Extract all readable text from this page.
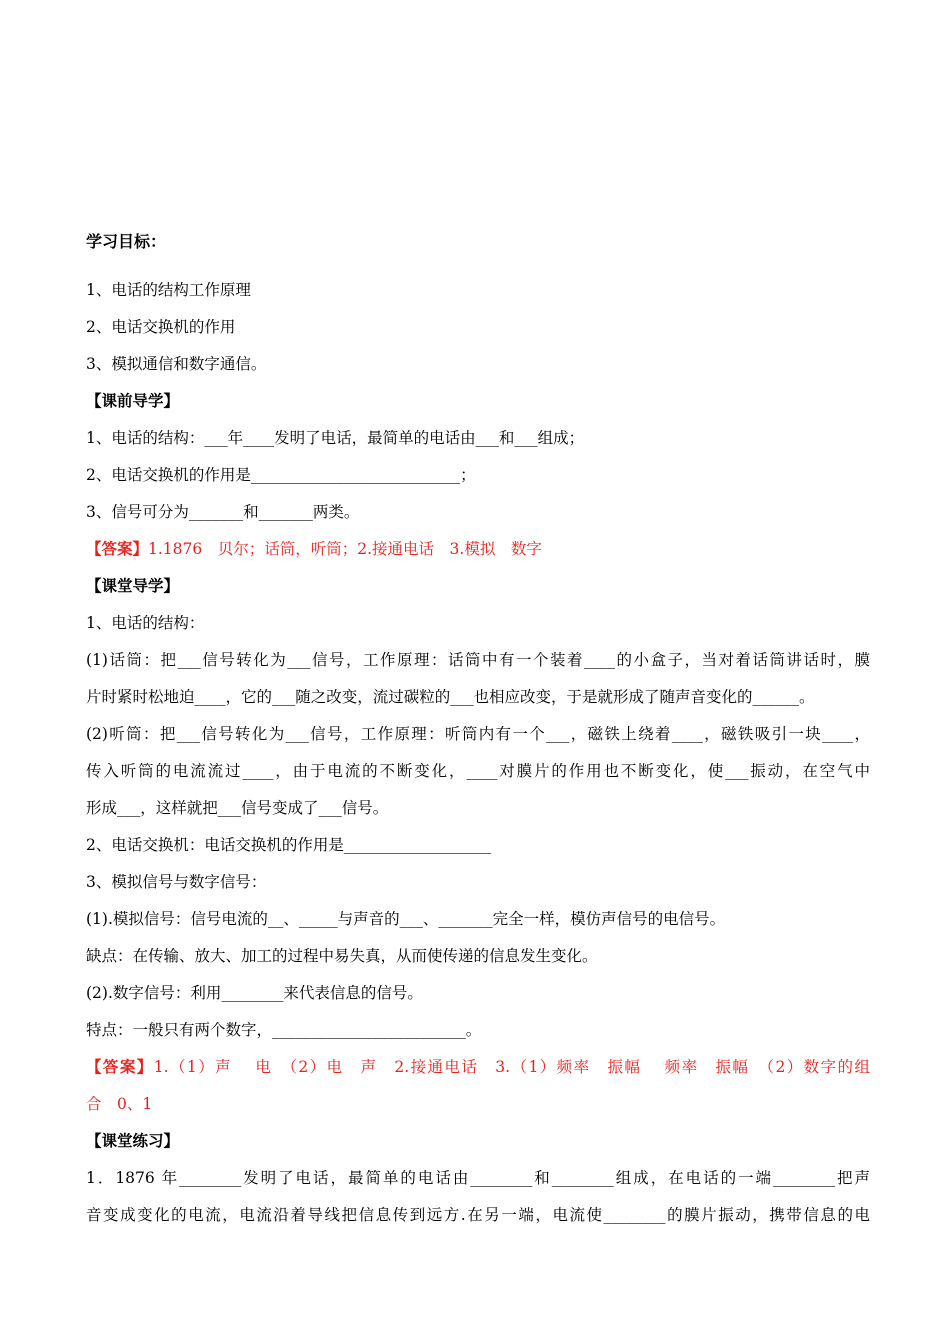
学习目标：
1、电话的结构工作原理
2、电话交换机的作用
3、模拟通信和数字通信。
【课前导学】
1、电话的结构：___年____发明了电话，最简单的电话由___和___组成；
2、电话交换机的作用是___________________________；
3、信号可分为_______和_______两类。
【答案】1.1876　贝尔；话筒，听筒；2.接通电话　3.模拟　数字
【课堂导学】
1、电话的结构：
(1)话筒：把___信号转化为___信号，工作原理：话筒中有一个装着____的小盒子，当对着话筒讲话时，膜
片时紧时松地迫____，它的___随之改变，流过碳粒的___也相应改变，于是就形成了随声音变化的______。
(2)听筒：把___信号转化为___信号，工作原理：听筒内有一个___，磁铁上绕着____，磁铁吸引一块____，
传入听筒的电流流过____，由于电流的不断变化，____对膜片的作用也不断变化，使___振动，在空气中
形成___，这样就把___信号变成了___信号。
2、电话交换机：电话交换机的作用是___________________
3、模拟信号与数字信号：
(1).模拟信号：信号电流的__、_____与声音的___、_______完全一样，模仿声信号的电信号。
缺点：在传输、放大、加工的过程中易失真，从而使传递的信息发生变化。
(2).数字信号：利用________来代表信息的信号。
特点：一般只有两个数字，_________________________。
【答案】1.（1）声　 电　（2）电　声　2.接通电话　3.（1）频率　振幅　 频率　振幅　（2）数字的组
合　0、1
【课堂练习】
1．1876 年________发明了电话，最简单的电话由________和________组成，在电话的一端________把声
音变成变化的电流，电流沿着导线把信息传到远方.在另一端，电流使________的膜片振动，携带信息的电
